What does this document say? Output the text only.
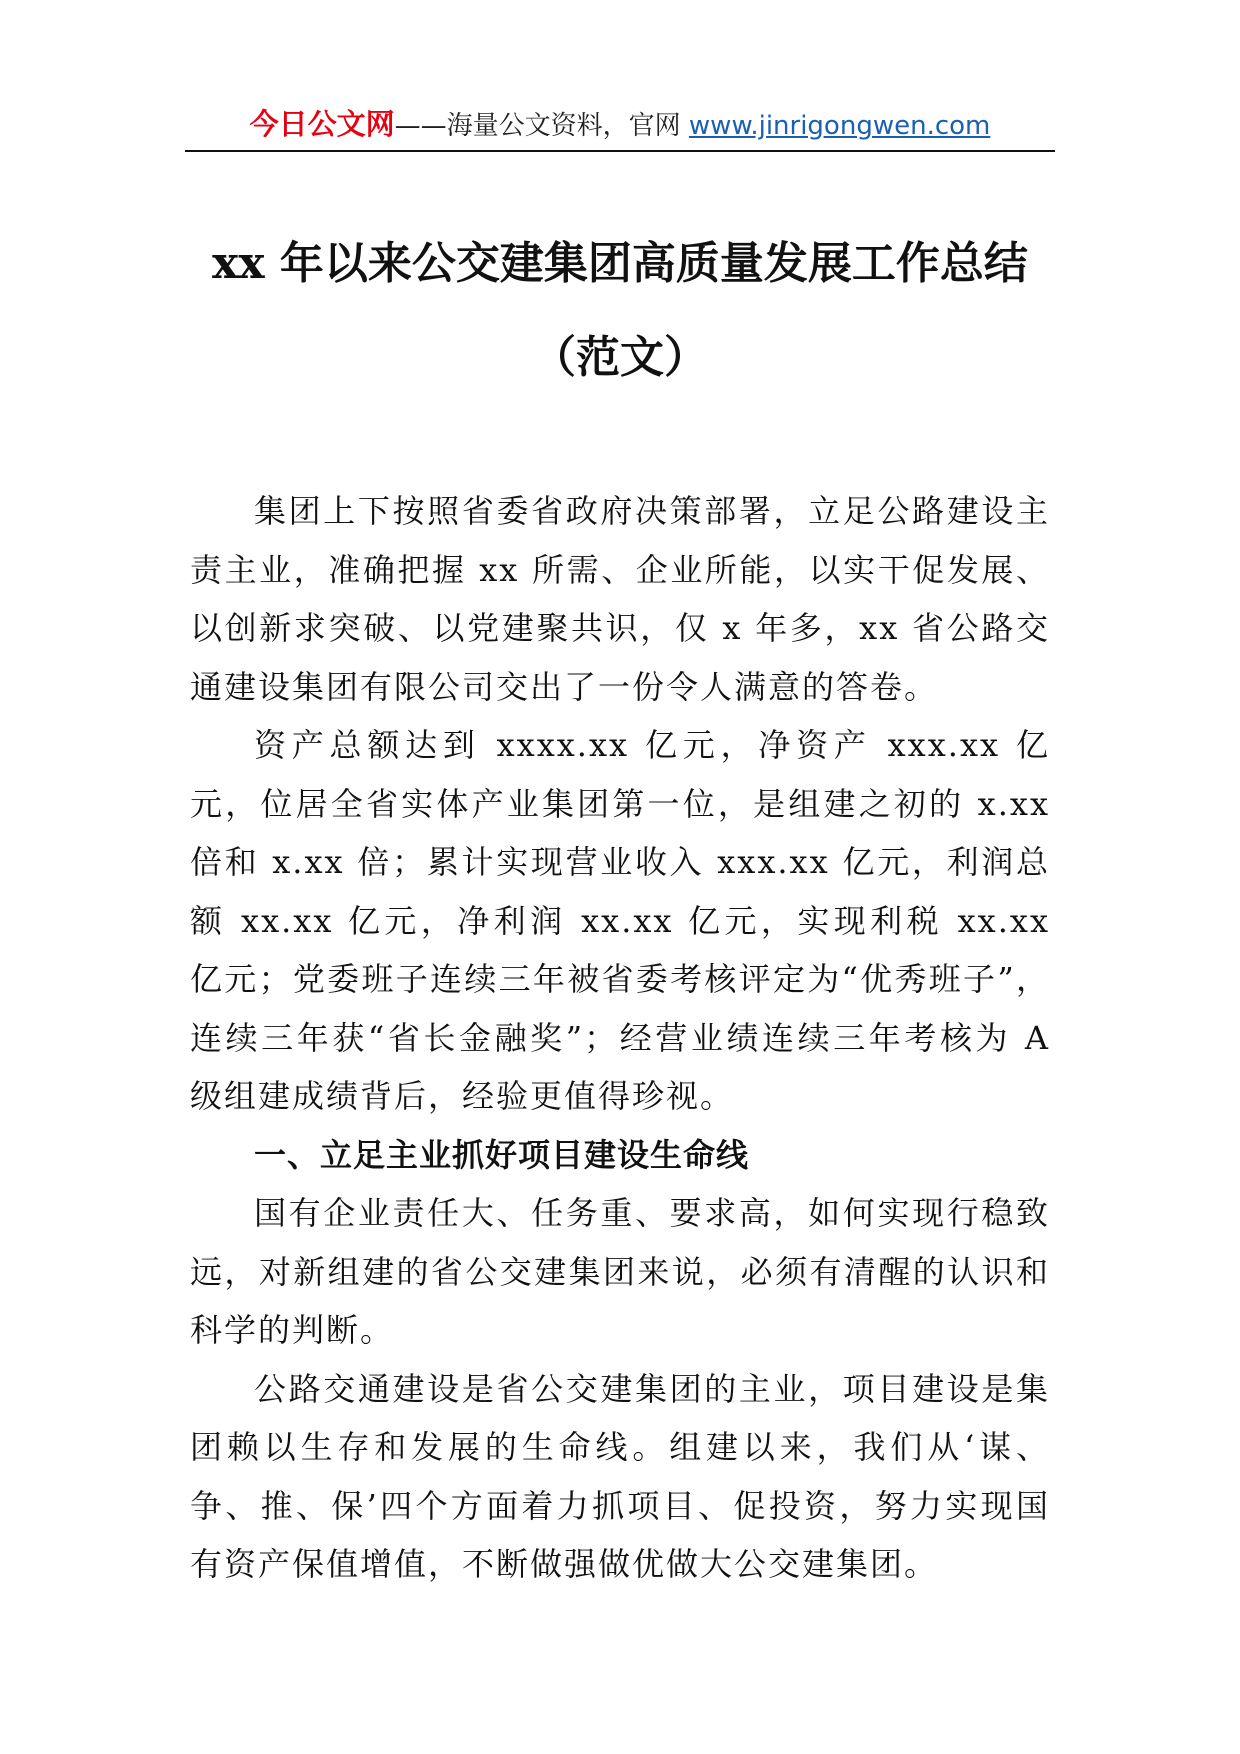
今日公文网——海量公文资料，官网 www.jinrigongwen.com
xx 年以来公交建集团高质量发展工作总结
（范文）

集团上下按照省委省政府决策部署，立足公路建设主责主业，准确把握 xx 所需、企业所能，以实干促发展、以创新求突破、以党建聚共识，仅 x 年多，xx 省公路交通建设集团有限公司交出了一份令人满意的答卷。

资产总额达到 xxxx.xx 亿元，净资产 xxx.xx 亿元，位居全省实体产业集团第一位，是组建之初的 x.xx 倍和 x.xx 倍；累计实现营业收入 xxx.xx 亿元，利润总额 xx.xx 亿元，净利润 xx.xx 亿元，实现利税 xx.xx 亿元；党委班子连续三年被省委考核评定为“优秀班子”，连续三年获“省长金融奖”；经营业绩连续三年考核为 A 级组建成绩背后，经验更值得珍视。

一、立足主业抓好项目建设生命线

国有企业责任大、任务重、要求高，如何实现行稳致远，对新组建的省公交建集团来说，必须有清醒的认识和科学的判断。

公路交通建设是省公交建集团的主业，项目建设是集团赖以生存和发展的生命线。组建以来，我们从‘谋、争、推、保’四个方面着力抓项目、促投资，努力实现国有资产保值增值，不断做强做优做大公交建集团。
